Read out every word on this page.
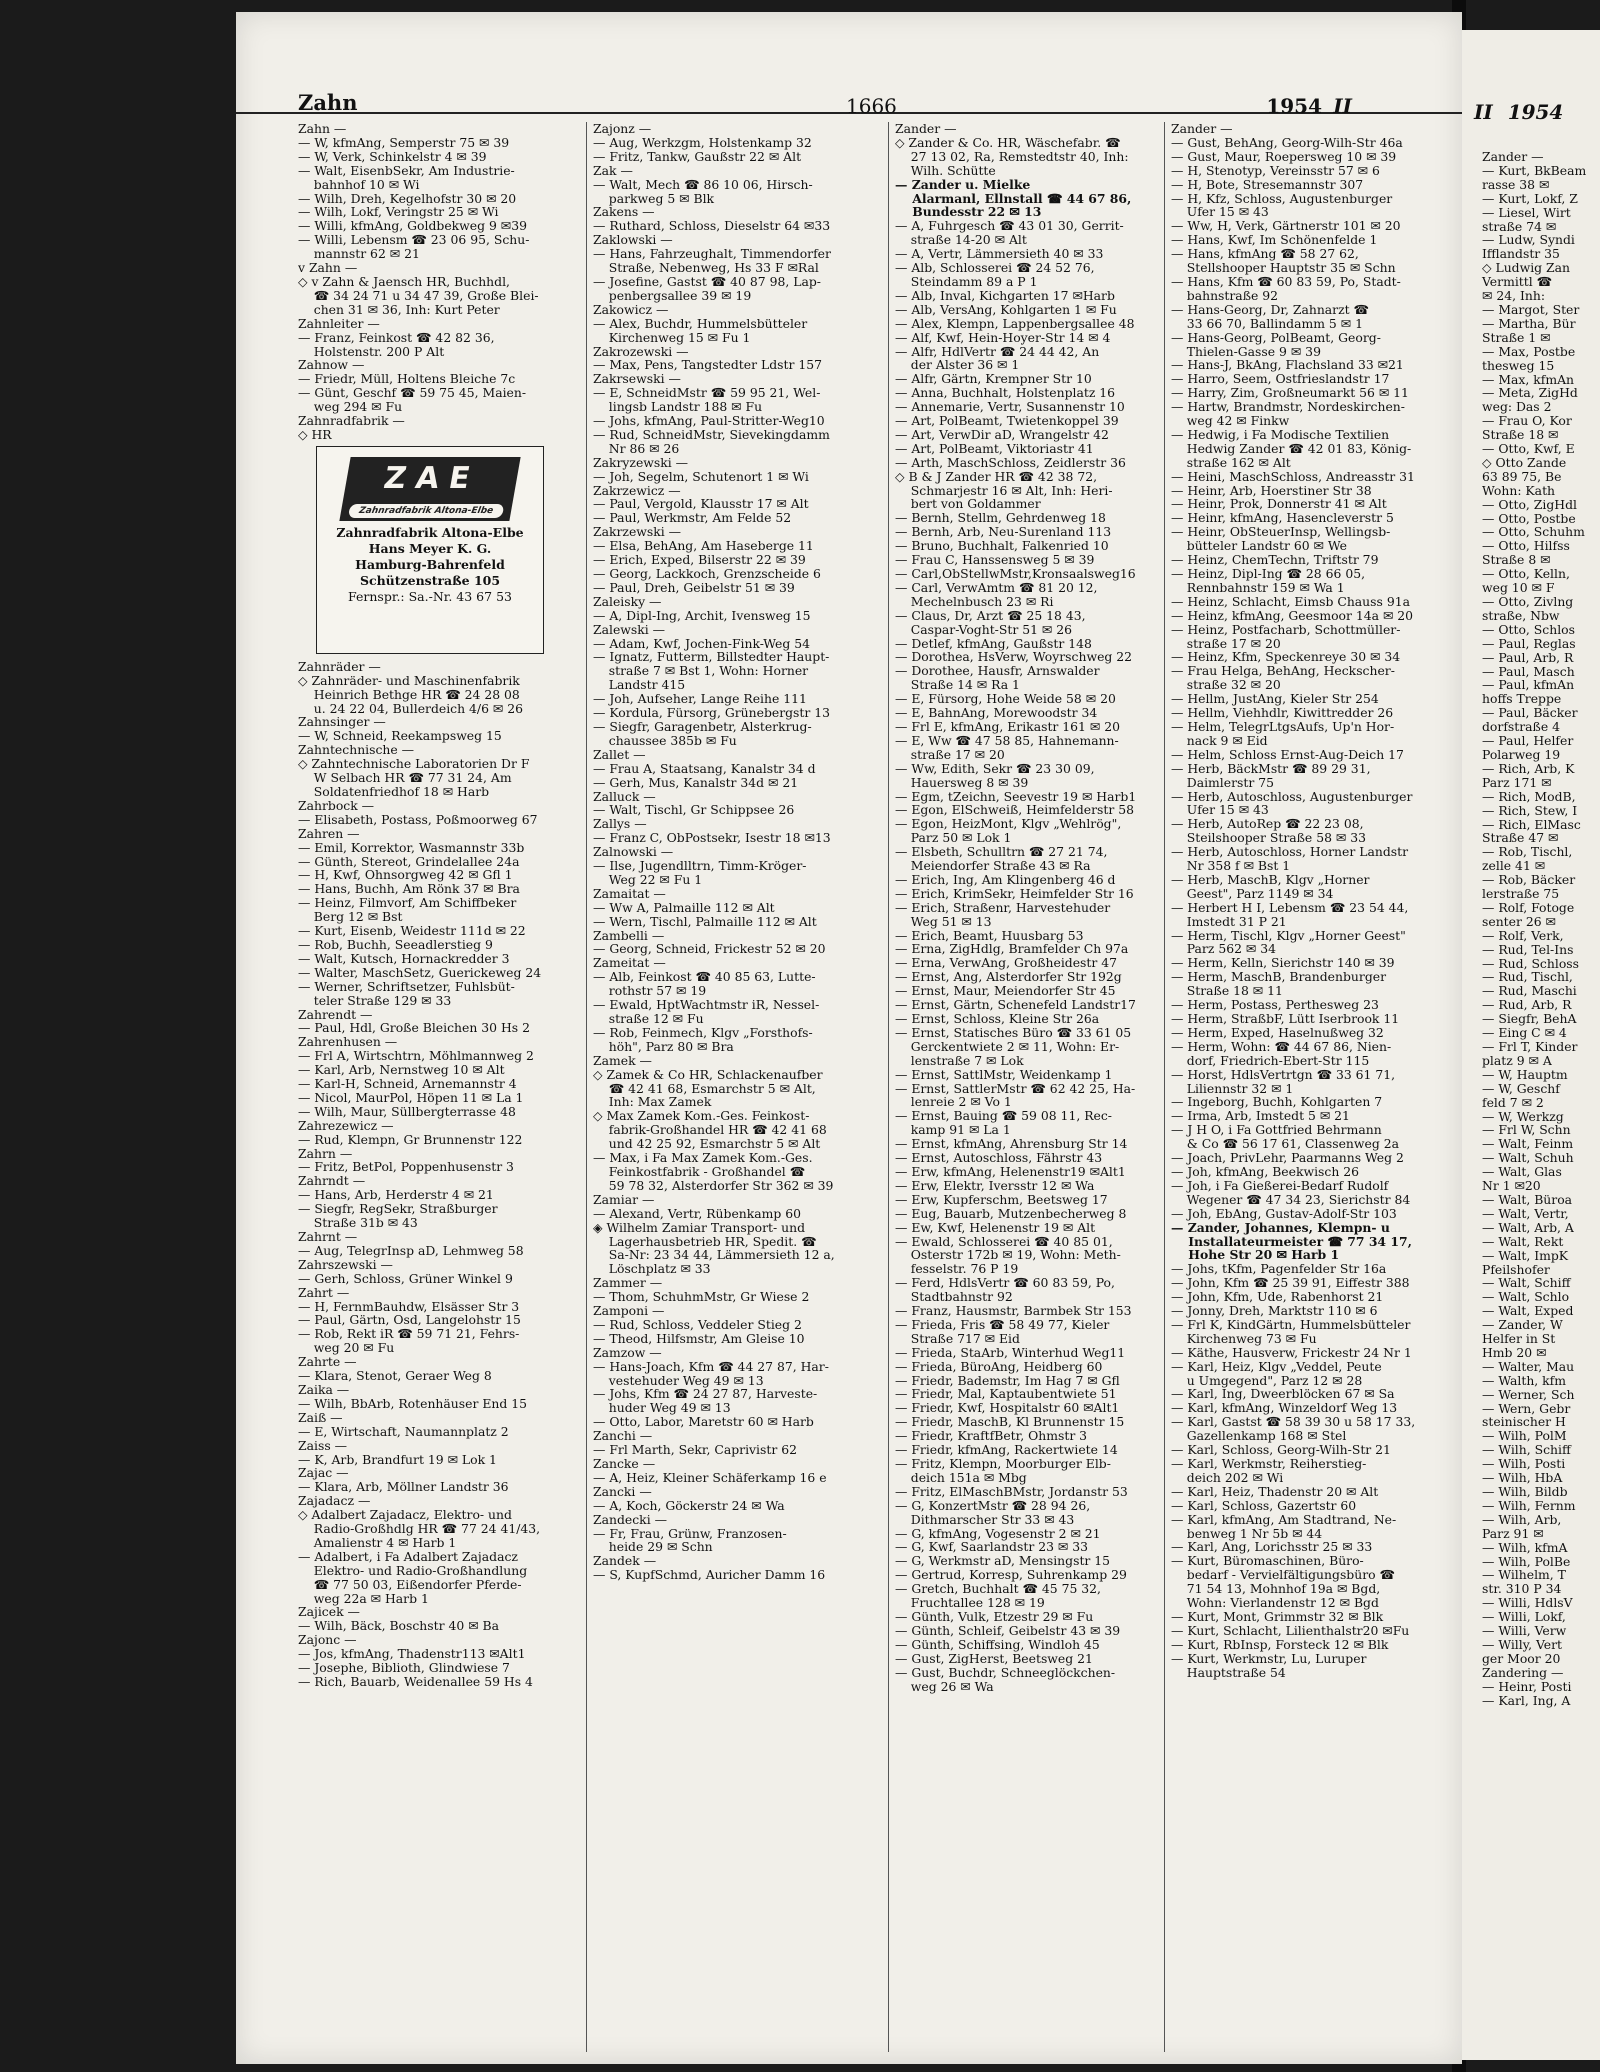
Zahn	1666	1954 II
Zahn —
— W, kfmAng, Semperstr 75 ✉ 39
— W, Verk, Schinkelstr 4 ✉ 39
— Walt, EisenbSekr, Am Industrie-
bahnhof 10 ✉ Wi
— Wilh, Dreh, Kegelhofstr 30 ✉ 20
— Wilh, Lokf, Veringstr 25 ✉ Wi
— Willi, kfmAng, Goldbekweg 9 ✉39
— Willi, Lebensm ☎ 23 06 95, Schu-
mannstr 62 ✉ 21
v Zahn —
◇ v Zahn & Jaensch HR, Buchhdl,
☎ 34 24 71 u 34 47 39, Große Blei-
chen 31 ✉ 36, Inh: Kurt Peter
Zahnleiter —
— Franz, Feinkost ☎ 42 82 36,
Holstenstr. 200 P Alt
Zahnow —
— Friedr, Müll, Holtens Bleiche 7c
— Günt, Geschf ☎ 59 75 45, Maien-
weg 294 ✉ Fu
Zahnradfabrik —
◇ HR
ZAE
Zahnradfabrik Altona-Elbe
Zahnradfabrik Altona-Elbe
Hans Meyer K. G.
Hamburg-Bahrenfeld
Schützenstraße 105
Fernspr.: Sa.-Nr. 43 67 53
Zahnräder —
◇ Zahnräder- und Maschinenfabrik
Heinrich Bethge HR ☎ 24 28 08
u. 24 22 04, Bullerdeich 4/6 ✉ 26
Zahnsinger —
— W, Schneid, Reekampsweg 15
Zahntechnische —
◇ Zahntechnische Laboratorien Dr F
W Selbach HR ☎ 77 31 24, Am
Soldatenfriedhof 18 ✉ Harb
Zahrbock —
— Elisabeth, Postass, Poßmoorweg 67
Zahren —
— Emil, Korrektor, Wasmannstr 33b
— Günth, Stereot, Grindelallee 24a
— H, Kwf, Ohnsorgweg 42 ✉ Gfl 1
— Hans, Buchh, Am Rönk 37 ✉ Bra
— Heinz, Filmvorf, Am Schiffbeker
Berg 12 ✉ Bst
— Kurt, Eisenb, Weidestr 111d ✉ 22
— Rob, Buchh, Seeadlerstieg 9
— Walt, Kutsch, Hornackredder 3
— Walter, MaschSetz, Guerickeweg 24
— Werner, Schriftsetzer, Fuhlsbüt-
teler Straße 129 ✉ 33
Zahrendt —
— Paul, Hdl, Große Bleichen 30 Hs 2
Zahrenhusen —
— Frl A, Wirtschtrn, Möhlmannweg 2
— Karl, Arb, Nernstweg 10 ✉ Alt
— Karl-H, Schneid, Arnemannstr 4
— Nicol, MaurPol, Höpen 11 ✉ La 1
— Wilh, Maur, Süllbergterrasse 48
Zahrezewicz —
— Rud, Klempn, Gr Brunnenstr 122
Zahrn —
— Fritz, BetPol, Poppenhusenstr 3
Zahrndt —
— Hans, Arb, Herderstr 4 ✉ 21
— Siegfr, RegSekr, Straßburger
Straße 31b ✉ 43
Zahrnt —
— Aug, TelegrInsp aD, Lehmweg 58
Zahrszewski —
— Gerh, Schloss, Grüner Winkel 9
Zahrt —
— H, FernmBauhdw, Elsässer Str 3
— Paul, Gärtn, Osd, Langelohstr 15
— Rob, Rekt iR ☎ 59 71 21, Fehrs-
weg 20 ✉ Fu
Zahrte —
— Klara, Stenot, Geraer Weg 8
Zaika —
— Wilh, BbArb, Rotenhäuser End 15
Zaiß —
— E, Wirtschaft, Naumannplatz 2
Zaiss —
— K, Arb, Brandfurt 19 ✉ Lok 1
Zajac —
— Klara, Arb, Möllner Landstr 36
Zajadacz —
◇ Adalbert Zajadacz, Elektro- und
Radio-Großhdlg HR ☎ 77 24 41/43,
Amalienstr 4 ✉ Harb 1
— Adalbert, i Fa Adalbert Zajadacz
Elektro- und Radio-Großhandlung
☎ 77 50 03, Eißendorfer Pferde-
weg 22a ✉ Harb 1
Zajicek —
— Wilh, Bäck, Boschstr 40 ✉ Ba
Zajonc —
— Jos, kfmAng, Thadenstr113 ✉Alt1
— Josephe, Biblioth, Glindwiese 7
— Rich, Bauarb, Weidenallee 59 Hs 4
Zajonz —
— Aug, Werkzgm, Holstenkamp 32
— Fritz, Tankw, Gaußstr 22 ✉ Alt
Zak —
— Walt, Mech ☎ 86 10 06, Hirsch-
parkweg 5 ✉ Blk
Zakens —
— Ruthard, Schloss, Dieselstr 64 ✉33
Zaklowski —
— Hans, Fahrzeughalt, Timmendorfer
Straße, Nebenweg, Hs 33 F ✉Ral
— Josefine, Gastst ☎ 40 87 98, Lap-
penbergsallee 39 ✉ 19
Zakowicz —
— Alex, Buchdr, Hummelsbütteler
Kirchenweg 15 ✉ Fu 1
Zakrozewski —
— Max, Pens, Tangstedter Ldstr 157
Zakrsewski —
— E, SchneidMstr ☎ 59 95 21, Wel-
lingsb Landstr 188 ✉ Fu
— Johs, kfmAng, Paul-Stritter-Weg10
— Rud, SchneidMstr, Sievekingdamm
Nr 86 ✉ 26
Zakryzewski —
— Joh, Segelm, Schutenort 1 ✉ Wi
Zakrzewicz —
— Paul, Vergold, Klausstr 17 ✉ Alt
— Paul, Werkmstr, Am Felde 52
Zakrzewski —
— Elsa, BehAng, Am Haseberge 11
— Erich, Exped, Bilserstr 22 ✉ 39
— Georg, Lackkoch, Grenzscheide 6
— Paul, Dreh, Geibelstr 51 ✉ 39
Zaleisky —
— A, Dipl-Ing, Archit, Ivensweg 15
Zalewski —
— Adam, Kwf, Jochen-Fink-Weg 54
— Ignatz, Futterm, Billstedter Haupt-
straße 7 ✉ Bst 1, Wohn: Horner
Landstr 415
— Joh, Aufseher, Lange Reihe 111
— Kordula, Fürsorg, Grünebergstr 13
— Siegfr, Garagenbetr, Alsterkrug-
chaussee 385b ✉ Fu
Zallet —
— Frau A, Staatsang, Kanalstr 34 d
— Gerh, Mus, Kanalstr 34d ✉ 21
Zalluck —
— Walt, Tischl, Gr Schippsee 26
Zallys —
— Franz C, ObPostsekr, Isestr 18 ✉13
Zalnowski —
— Ilse, Jugendlltrn, Timm-Kröger-
Weg 22 ✉ Fu 1
Zamaitat —
— Ww A, Palmaille 112 ✉ Alt
— Wern, Tischl, Palmaille 112 ✉ Alt
Zambelli —
— Georg, Schneid, Frickestr 52 ✉ 20
Zameitat —
— Alb, Feinkost ☎ 40 85 63, Lutte-
rothstr 57 ✉ 19
— Ewald, HptWachtmstr iR, Nessel-
straße 12 ✉ Fu
— Rob, Feinmech, Klgv „Forsthofs-
höh", Parz 80 ✉ Bra
Zamek —
◇ Zamek & Co HR, Schlackenaufber
☎ 42 41 68, Esmarchstr 5 ✉ Alt,
Inh: Max Zamek
◇ Max Zamek Kom.-Ges. Feinkost-
fabrik-Großhandel HR ☎ 42 41 68
und 42 25 92, Esmarchstr 5 ✉ Alt
— Max, i Fa Max Zamek Kom.-Ges.
Feinkostfabrik - Großhandel ☎
59 78 32, Alsterdorfer Str 362 ✉ 39
Zamiar —
— Alexand, Vertr, Rübenkamp 60
◈ Wilhelm Zamiar Transport- und
Lagerhausbetrieb HR, Spedit. ☎
Sa-Nr: 23 34 44, Lämmersieth 12 a,
Löschplatz ✉ 33
Zammer —
— Thom, SchuhmMstr, Gr Wiese 2
Zamponi —
— Rud, Schloss, Veddeler Stieg 2
— Theod, Hilfsmstr, Am Gleise 10
Zamzow —
— Hans-Joach, Kfm ☎ 44 27 87, Har-
vestehuder Weg 49 ✉ 13
— Johs, Kfm ☎ 24 27 87, Harveste-
huder Weg 49 ✉ 13
— Otto, Labor, Maretstr 60 ✉ Harb
Zanchi —
— Frl Marth, Sekr, Caprivistr 62
Zancke —
— A, Heiz, Kleiner Schäferkamp 16 e
Zancki —
— A, Koch, Göckerstr 24 ✉ Wa
Zandecki —
— Fr, Frau, Grünw, Franzosen-
heide 29 ✉ Schn
Zandek —
— S, KupfSchmd, Auricher Damm 16
Zander —
◇ Zander & Co. HR, Wäschefabr. ☎
27 13 02, Ra, Remstedtstr 40, Inh:
Wilh. Schütte
— Zander u. Mielke
Alarmanl, Ellnstall ☎ 44 67 86,
Bundesstr 22 ✉ 13
— A, Fuhrgesch ☎ 43 01 30, Gerrit-
straße 14-20 ✉ Alt
— A, Vertr, Lämmersieth 40 ✉ 33
— Alb, Schlosserei ☎ 24 52 76,
Steindamm 89 a P 1
— Alb, Inval, Kichgarten 17 ✉Harb
— Alb, VersAng, Kohlgarten 1 ✉ Fu
— Alex, Klempn, Lappenbergsallee 48
— Alf, Kwf, Hein-Hoyer-Str 14 ✉ 4
— Alfr, HdlVertr ☎ 24 44 42, An
der Alster 36 ✉ 1
— Alfr, Gärtn, Krempner Str 10
— Anna, Buchhalt, Holstenplatz 16
— Annemarie, Vertr, Susannenstr 10
— Art, PolBeamt, Twietenkoppel 39
— Art, VerwDir aD, Wrangelstr 42
— Art, PolBeamt, Viktoriastr 41
— Arth, MaschSchloss, Zeidlerstr 36
◇ B & J Zander HR ☎ 42 38 72,
Schmarjestr 16 ✉ Alt, Inh: Heri-
bert von Goldammer
— Bernh, Stellm, Gehrdenweg 18
— Bernh, Arb, Neu-Surenland 113
— Bruno, Buchhalt, Falkenried 10
— Frau C, Hanssensweg 5 ✉ 39
— Carl,ObStellwMstr,Kronsaalsweg16
— Carl, VerwAmtm ☎ 81 20 12,
Mechelnbusch 23 ✉ Ri
— Claus, Dr, Arzt ☎ 25 18 43,
Caspar-Voght-Str 51 ✉ 26
— Detlef, kfmAng, Gaußstr 148
— Dorothea, HsVerw, Woyrschweg 22
— Dorothee, Hausfr, Arnswalder
Straße 14 ✉ Ra 1
— E, Fürsorg, Hohe Weide 58 ✉ 20
— E, BahnAng, Morewoodstr 34
— Frl E, kfmAng, Erikastr 161 ✉ 20
— E, Ww ☎ 47 58 85, Hahnemann-
straße 17 ✉ 20
— Ww, Edith, Sekr ☎ 23 30 09,
Hauersweg 8 ✉ 39
— Egm, tZeichn, Seevestr 19 ✉ Harb1
— Egon, ElSchweiß, Heimfelderstr 58
— Egon, HeizMont, Klgv „Wehlrög",
Parz 50 ✉ Lok 1
— Elsbeth, Schulltrn ☎ 27 21 74,
Meiendorfer Straße 43 ✉ Ra
— Erich, Ing, Am Klingenberg 46 d
— Erich, KrimSekr, Heimfelder Str 16
— Erich, Straßenr, Harvestehuder
Weg 51 ✉ 13
— Erich, Beamt, Huusbarg 53
— Erna, ZigHdlg, Bramfelder Ch 97a
— Erna, VerwAng, Großheidestr 47
— Ernst, Ang, Alsterdorfer Str 192g
— Ernst, Maur, Meiendorfer Str 45
— Ernst, Gärtn, Schenefeld Landstr17
— Ernst, Schloss, Kleine Str 26a
— Ernst, Statisches Büro ☎ 33 61 05
Gerckentwiete 2 ✉ 11, Wohn: Er-
lenstraße 7 ✉ Lok
— Ernst, SattlMstr, Weidenkamp 1
— Ernst, SattlerMstr ☎ 62 42 25, Ha-
lenreie 2 ✉ Vo 1
— Ernst, Bauing ☎ 59 08 11, Rec-
kamp 91 ✉ La 1
— Ernst, kfmAng, Ahrensburg Str 14
— Ernst, Autoschloss, Fährstr 43
— Erw, kfmAng, Helenenstr19 ✉Alt1
— Erw, Elektr, Iversstr 12 ✉ Wa
— Erw, Kupferschm, Beetsweg 17
— Eug, Bauarb, Mutzenbecherweg 8
— Ew, Kwf, Helenenstr 19 ✉ Alt
— Ewald, Schlosserei ☎ 40 85 01,
Osterstr 172b ✉ 19, Wohn: Meth-
fesselstr. 76 P 19
— Ferd, HdlsVertr ☎ 60 83 59, Po,
Stadtbahnstr 92
— Franz, Hausmstr, Barmbek Str 153
— Frieda, Fris ☎ 58 49 77, Kieler
Straße 717 ✉ Eid
— Frieda, StaArb, Winterhud Weg11
— Frieda, BüroAng, Heidberg 60
— Friedr, Bademstr, Im Hag 7 ✉ Gfl
— Friedr, Mal, Kaptaubentwiete 51
— Friedr, Kwf, Hospitalstr 60 ✉Alt1
— Friedr, MaschB, Kl Brunnenstr 15
— Friedr, KraftfBetr, Ohmstr 3
— Friedr, kfmAng, Rackertwiete 14
— Fritz, Klempn, Moorburger Elb-
deich 151a ✉ Mbg
— Fritz, ElMaschBMstr, Jordanstr 53
— G, KonzertMstr ☎ 28 94 26,
Dithmarscher Str 33 ✉ 43
— G, kfmAng, Vogesenstr 2 ✉ 21
— G, Kwf, Saarlandstr 23 ✉ 33
— G, Werkmstr aD, Mensingstr 15
— Gertrud, Korresp, Suhrenkamp 29
— Gretch, Buchhalt ☎ 45 75 32,
Fruchtallee 128 ✉ 19
— Günth, Vulk, Etzestr 29 ✉ Fu
— Günth, Schleif, Geibelstr 43 ✉ 39
— Günth, Schiffsing, Windloh 45
— Gust, ZigHerst, Beetsweg 21
— Gust, Buchdr, Schneeglöckchen-
weg 26 ✉ Wa
Zander —
— Gust, BehAng, Georg-Wilh-Str 46a
— Gust, Maur, Roepersweg 10 ✉ 39
— H, Stenotyp, Vereinsstr 57 ✉ 6
— H, Bote, Stresemannstr 307
— H, Kfz, Schloss, Augustenburger
Ufer 15 ✉ 43
— Ww, H, Verk, Gärtnerstr 101 ✉ 20
— Hans, Kwf, Im Schönenfelde 1
— Hans, kfmAng ☎ 58 27 62,
Stellshooper Hauptstr 35 ✉ Schn
— Hans, Kfm ☎ 60 83 59, Po, Stadt-
bahnstraße 92
— Hans-Georg, Dr, Zahnarzt ☎
33 66 70, Ballindamm 5 ✉ 1
— Hans-Georg, PolBeamt, Georg-
Thielen-Gasse 9 ✉ 39
— Hans-J, BkAng, Flachsland 33 ✉21
— Harro, Seem, Ostfrieslandstr 17
— Harry, Zim, Großneumarkt 56 ✉ 11
— Hartw, Brandmstr, Nordeskirchen-
weg 42 ✉ Finkw
— Hedwig, i Fa Modische Textilien
Hedwig Zander ☎ 42 01 83, König-
straße 162 ✉ Alt
— Heini, MaschSchloss, Andreasstr 31
— Heinr, Arb, Hoerstiner Str 38
— Heinr, Prok, Donnerstr 41 ✉ Alt
— Heinr, kfmAng, Hasencleverstr 5
— Heinr, ObSteuerInsp, Wellingsb-
bütteler Landstr 60 ✉ We
— Heinz, ChemTechn, Triftstr 79
— Heinz, Dipl-Ing ☎ 28 66 05,
Rennbahnstr 159 ✉ Wa 1
— Heinz, Schlacht, Eimsb Chauss 91a
— Heinz, kfmAng, Geesmoor 14a ✉ 20
— Heinz, Postfacharb, Schottmüller-
straße 17 ✉ 20
— Heinz, Kfm, Speckenreye 30 ✉ 34
— Frau Helga, BehAng, Heckscher-
straße 32 ✉ 20
— Hellm, JustAng, Kieler Str 254
— Hellm, Viehhdlr, Kiwittredder 26
— Helm, TelegrLtgsAufs, Up'n Hor-
nack 9 ✉ Eid
— Helm, Schloss Ernst-Aug-Deich 17
— Herb, BäckMstr ☎ 89 29 31,
Daimlerstr 75
— Herb, Autoschloss, Augustenburger
Ufer 15 ✉ 43
— Herb, AutoRep ☎ 22 23 08,
Steilshooper Straße 58 ✉ 33
— Herb, Autoschloss, Horner Landstr
Nr 358 f ✉ Bst 1
— Herb, MaschB, Klgv „Horner
Geest", Parz 1149 ✉ 34
— Herbert H I, Lebensm ☎ 23 54 44,
Imstedt 31 P 21
— Herm, Tischl, Klgv „Horner Geest"
Parz 562 ✉ 34
— Herm, Kelln, Sierichstr 140 ✉ 39
— Herm, MaschB, Brandenburger
Straße 18 ✉ 11
— Herm, Postass, Perthesweg 23
— Herm, StraßbF, Lütt Iserbrook 11
— Herm, Exped, Haselnußweg 32
— Herm, Wohn: ☎ 44 67 86, Nien-
dorf, Friedrich-Ebert-Str 115
— Horst, HdlsVertrtgn ☎ 33 61 71,
Liliennstr 32 ✉ 1
— Ingeborg, Buchh, Kohlgarten 7
— Irma, Arb, Imstedt 5 ✉ 21
— J H O, i Fa Gottfried Behrmann
& Co ☎ 56 17 61, Classenweg 2a
— Joach, PrivLehr, Paarmanns Weg 2
— Joh, kfmAng, Beekwisch 26
— Joh, i Fa Gießerei-Bedarf Rudolf
Wegener ☎ 47 34 23, Sierichstr 84
— Joh, EbAng, Gustav-Adolf-Str 103
— Zander, Johannes, Klempn- u
Installateurmeister ☎ 77 34 17,
Hohe Str 20 ✉ Harb 1
— Johs, tKfm, Pagenfelder Str 16a
— John, Kfm ☎ 25 39 91, Eiffestr 388
— John, Kfm, Ude, Rabenhorst 21
— Jonny, Dreh, Marktstr 110 ✉ 6
— Frl K, KindGärtn, Hummelsbütteler
Kirchenweg 73 ✉ Fu
— Käthe, Hausverw, Frickestr 24 Nr 1
— Karl, Heiz, Klgv „Veddel, Peute
u Umgegend", Parz 12 ✉ 28
— Karl, Ing, Dweerblöcken 67 ✉ Sa
— Karl, kfmAng, Winzeldorf Weg 13
— Karl, Gastst ☎ 58 39 30 u 58 17 33,
Gazellenkamp 168 ✉ Stel
— Karl, Schloss, Georg-Wilh-Str 21
— Karl, Werkmstr, Reiherstieg-
deich 202 ✉ Wi
— Karl, Heiz, Thadenstr 20 ✉ Alt
— Karl, Schloss, Gazertstr 60
— Karl, kfmAng, Am Stadtrand, Ne-
benweg 1 Nr 5b ✉ 44
— Karl, Ang, Lorichsstr 25 ✉ 33
— Kurt, Büromaschinen, Büro-
bedarf - Vervielfältigungsbüro ☎
71 54 13, Mohnhof 19a ✉ Bgd,
Wohn: Vierlandenstr 12 ✉ Bgd
— Kurt, Mont, Grimmstr 32 ✉ Blk
— Kurt, Schlacht, Lilienthalstr20 ✉Fu
— Kurt, RbInsp, Forsteck 12 ✉ Blk
— Kurt, Werkmstr, Lu, Luruper
Hauptstraße 54
II 1954
Zander —
— Kurt, BkBeam
rasse 38 ✉
— Kurt, Lokf, Z
— Liesel, Wirt
straße 74 ✉
— Ludw, Syndi
Ifflandstr 35
◇ Ludwig Zan
Vermittl ☎
✉ 24, Inh:
— Margot, Ster
— Martha, Bür
Straße 1 ✉
— Max, Postbe
thesweg 15
— Max, kfmAn
— Meta, ZigHd
weg: Das 2
— Frau O, Kor
Straße 18 ✉
— Otto, Kwf, E
◇ Otto Zande
63 89 75, Be
Wohn: Kath
— Otto, ZigHdl
— Otto, Postbe
— Otto, Schuhm
— Otto, Hilfss
Straße 8 ✉
— Otto, Kelln,
weg 10 ✉ F
— Otto, Zivlng
straße, Nbw
— Otto, Schlos
— Paul, Reglas
— Paul, Arb, R
— Paul, Masch
— Paul, kfmAn
hoffs Treppe
— Paul, Bäcker
dorfstraße 4
— Paul, Helfer
Polarweg 19
— Rich, Arb, K
Parz 171 ✉
— Rich, ModB,
— Rich, Stew, I
— Rich, ElMasc
Straße 47 ✉
— Rob, Tischl,
zelle 41 ✉
— Rob, Bäcker
lerstraße 75
— Rolf, Fotoge
senter 26 ✉
— Rolf, Verk,
— Rud, Tel-Ins
— Rud, Schloss
— Rud, Tischl,
— Rud, Maschi
— Rud, Arb, R
— Siegfr, BehA
— Eing C ✉ 4
— Frl T, Kinder
platz 9 ✉ A
— W, Hauptm
— W, Geschf
feld 7 ✉ 2
— W, Werkzg
— Frl W, Schn
— Walt, Feinm
— Walt, Schuh
— Walt, Glas
Nr 1 ✉20
— Walt, Büroa
— Walt, Vertr,
— Walt, Arb, A
— Walt, Rekt
— Walt, ImpK
Pfeilshofer
— Walt, Schiff
— Walt, Schlo
— Walt, Exped
— Zander, W
Helfer in St
Hmb 20 ✉
— Walter, Mau
— Walth, kfm
— Werner, Sch
— Wern, Gebr
steinischer H
— Wilh, PolM
— Wilh, Schiff
— Wilh, Posti
— Wilh, HbA
— Wilh, Bildb
— Wilh, Fernm
— Wilh, Arb,
Parz 91 ✉
— Wilh, kfmA
— Wilh, PolBe
— Wilhelm, T
str. 310 P 34
— Willi, HdlsV
— Willi, Lokf,
— Willi, Verw
— Willy, Vert
ger Moor 20
Zandering —
— Heinr, Posti
— Karl, Ing, A
